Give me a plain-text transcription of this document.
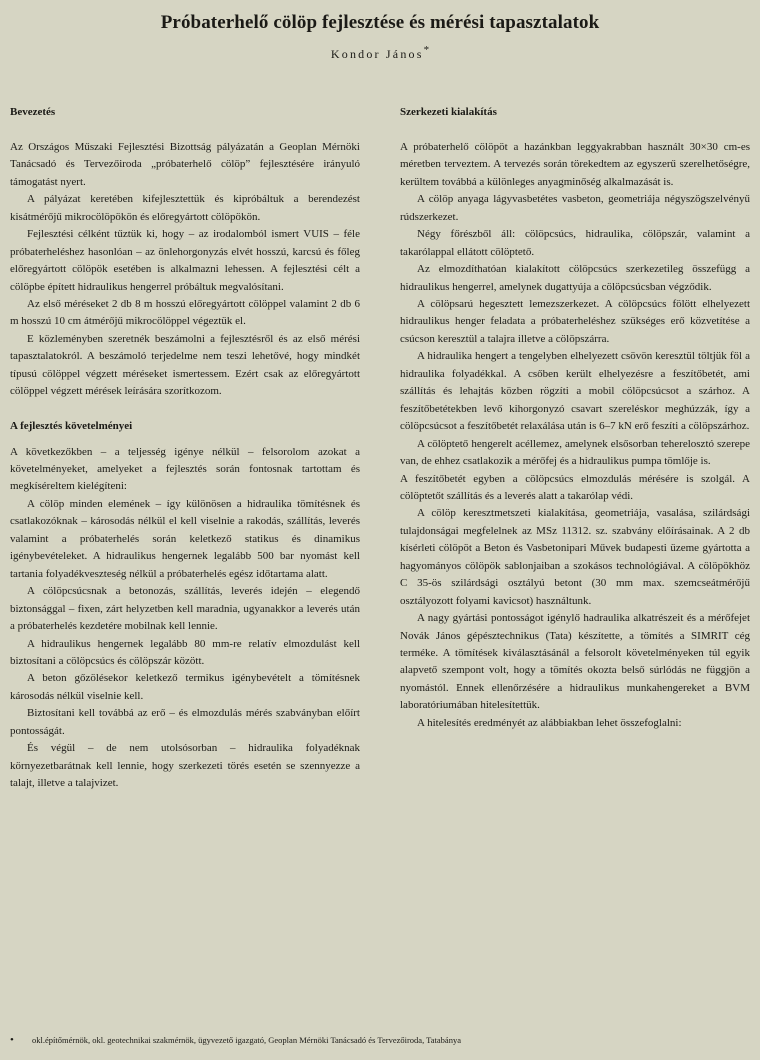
Próbaterhelő cölöp fejlesztése és mérési tapasztalatok
Kondor János*
Bevezetés

Az Országos Műszaki Fejlesztési Bizottság pályázatán a Geoplan Mérnöki Tanácsadó és Tervezőiroda „próbaterhelő cölöp” fejlesztésére irányuló támogatást nyert.

A pályázat keretében kifejlesztettük és kipróbáltuk a berendezést kisátmérőjű mikrocölöpökön és előregyártott cölöpökön.

Fejlesztési célként tűztük ki, hogy – az irodalomból ismert VUIS – féle próbaterheléshez hasonlóan – az önlehorgonyzás elvét hosszú, karcsú és főleg előregyártott cölöpök esetében is alkalmazni lehessen. A fejlesztési célt a cölöpbe épített hidraulikus hengerrel próbáltuk megvalósítani.

Az első méréseket 2 db 8 m hosszú előregyártott cölöppel valamint 2 db 6 m hosszú 10 cm átmérőjű mikrocölöppel végeztük el.

E közleményben szeretnék beszámolni a fejlesztésről és az első mérési tapasztalatokról. A beszámoló terjedelme nem teszi lehetővé, hogy mindkét típusú cölöppel végzett méréseket ismertessem. Ezért csak az előregyártott cölöppel végzett mérések leírására szorítkozom.

A fejlesztés követelményei

A következőkben – a teljesség igénye nélkül – felsorolom azokat a követelményeket, amelyeket a fejlesztés során fontosnak tartottam és megkíséreltem kielégíteni:

A cölöp minden elemének – így különösen a hidraulika tömítésnek és csatlakozóknak – károsodás nélkül el kell viselnie a rakodás, szállítás, leverés valamint a próbaterhelés során keletkező statikus és dinamikus igénybevételeket. A hidraulikus hengernek legalább 500 bar nyomást kell tartania folyadékveszteség nélkül a próbaterhelés egész időtartama alatt.

A cölöpcsúcsnak a betonozás, szállítás, leverés idején – elegendő biztonsággal – fixen, zárt helyzetben kell maradnia, ugyanakkor a leverés után a próbaterhelés kezdetére mobilnak kell lennie.

A hidraulikus hengernek legalább 80 mm-re relatív elmozdulást kell biztosítani a cölöpcsúcs és cölöpszár között.

A beton gőzölésekor keletkező termikus igénybevételt a tömítésnek károsodás nélkül viselnie kell.

Biztosítani kell továbbá az erő – és elmozdulás mérés szabványban előírt pontosságát.

És végül – de nem utolsósorban – hidraulika folyadéknak környezetbarátnak kell lennie, hogy szerkezeti törés esetén se szennyezze a talajt, illetve a talajvizet.

Szerkezeti kialakítás

A próbaterhelő cölöpöt a hazánkban leggyakrabban használt 30×30 cm-es méretben terveztem. A tervezés során törekedtem az egyszerű szerelhetőségre, kerültem továbbá a különleges anyagminőség alkalmazását is.

A cölöp anyaga lágyvasbetétes vasbeton, geometriája négyszögszelvényű rúdszerkezet.

Négy főrészből áll: cölöpcsúcs, hidraulika, cölöpszár, valamint a takarólappal ellátott cölöptető.

Az elmozdíthatóan kialakított cölöpcsúcs szerkezetileg összefügg a hidraulikus hengerrel, amelynek dugattyúja a cölöpcsúcsban végződik.

A cölöpsarú hegesztett lemezszerkezet. A cölöpcsúcs fölött elhelyezett hidraulikus henger feladata a próbaterheléshez szükséges erő közvetítése a csúcson keresztül a talajra illetve a cölöpszárra.

A hidraulika hengert a tengelyben elhelyezett csövön keresztül töltjük föl a hidraulika folyadékkal. A csőben került elhelyezésre a feszítőbetét, ami szállítás és lehajtás közben rögzíti a mobil cölöpcsúcsot a szárhoz. A feszítőbetétekben levő kihorgonyzó csavart szereléskor meghúzzák, így a cölöpcsúcsot a feszítőbetét relaxálása után is 6–7 kN erő feszíti a cölöpszárhoz.

A cölöptető hengerelt acéllemez, amelynek elsősorban teherelosztó szerepe van, de ehhez csatlakozik a mérőfej és a hidraulikus pumpa tömlője is.

A feszítőbetét egyben a cölöpcsúcs elmozdulás mérésére is szolgál. A cölöptetőt szállítás és a leverés alatt a takarólap védi.

A cölöp keresztmetszeti kialakítása, geometriája, vasalása, szilárdsági tulajdonságai megfelelnek az MSz 11312. sz. szabvány előírásainak. A 2 db kísérleti cölöpöt a Beton és Vasbetonipari Művek budapesti üzeme gyártotta a hagyományos cölöpök sablonjaiban a szokásos technológiával. A cölöpökhöz C 35-ös szilárdsági osztályú betont (30 mm max. szemcseátmérőjű osztályozott folyami kavicsot) használtunk.

A nagy gyártási pontosságot igénylő hadraulika alkatrészeit és a mérőfejet Novák János gépésztechnikus (Tata) készítette, a tömítés a SIMRIT cég terméke. A tömítések kiválasztásánál a felsorolt követelményeken túl egyik alapvető szempont volt, hogy a tömítés okozta belső súrlódás ne függjön a nyomástól. Ennek ellenőrzésére a hidraulikus munkahengereket a BVM laboratóriumában hitelesítettük.

A hitelesítés eredményét az alábbiakban lehet összefoglalni:

• okl.építőmérnök, okl. geotechnikai szakmérnök, ügyvezető igazgató, Geoplan Mérnöki Tanácsadó és Tervezőiroda, Tatabánya
